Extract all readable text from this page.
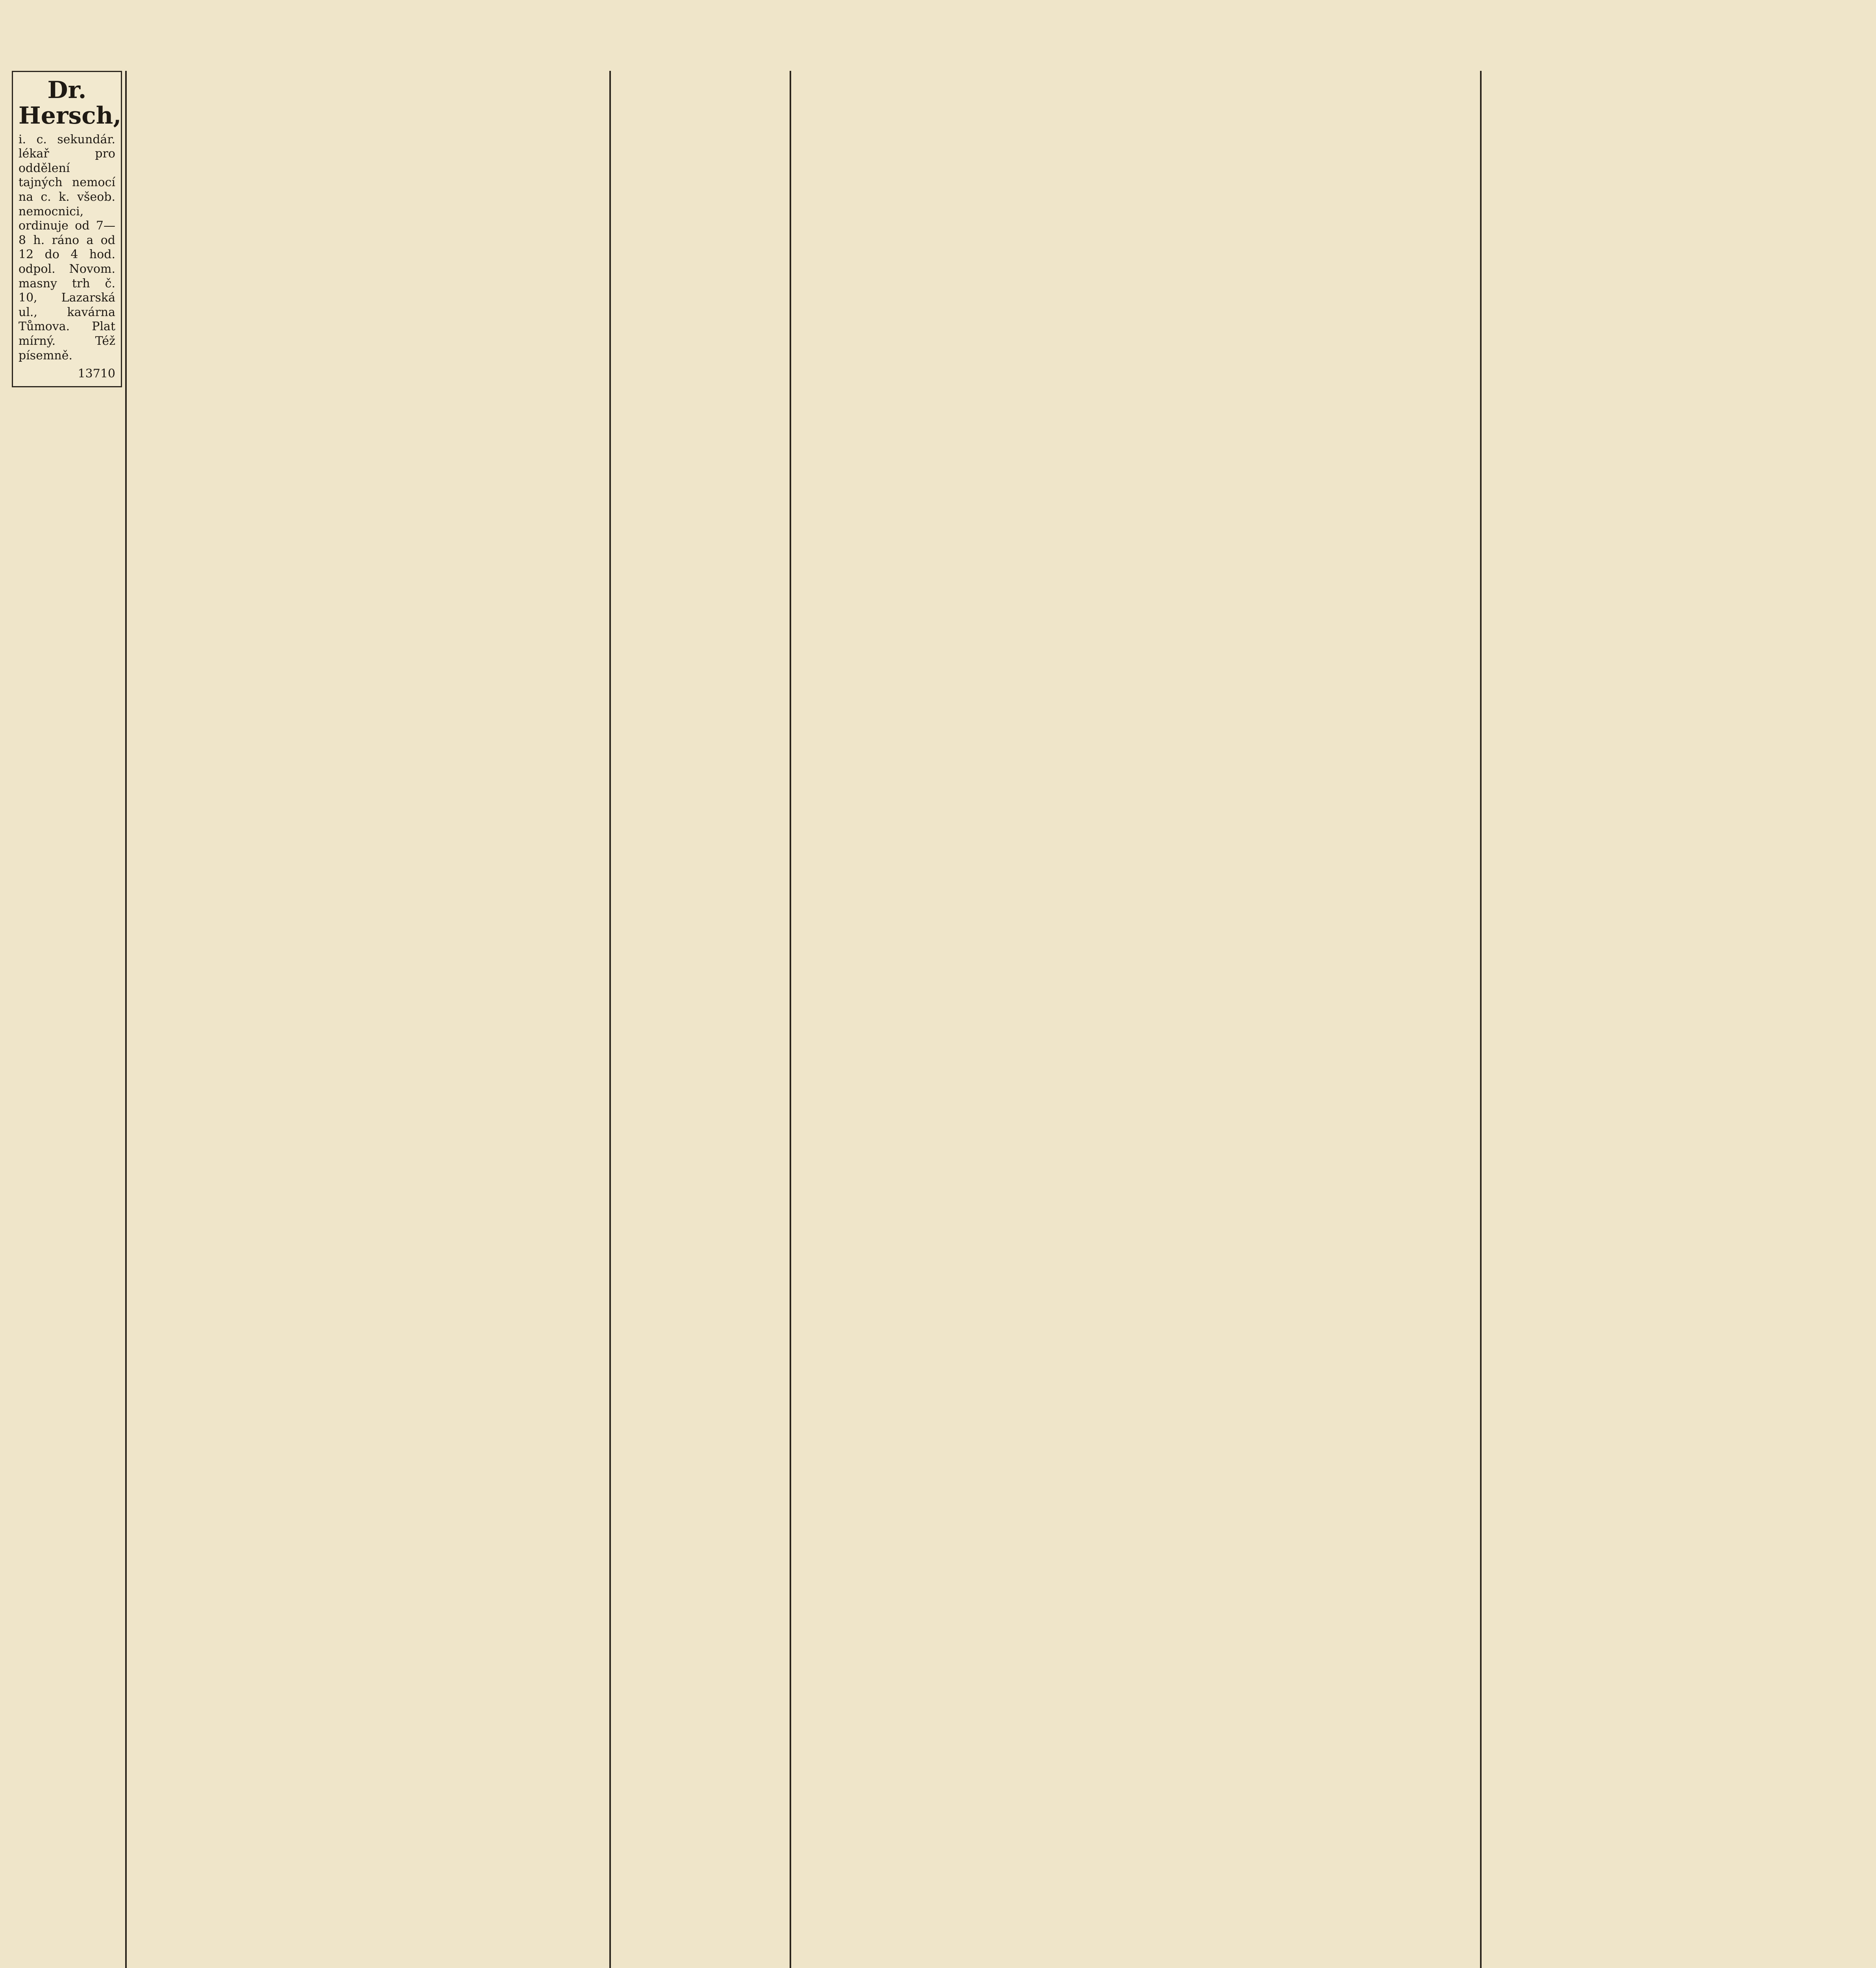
Dr. Hersch,
i. c. sekundár. lékař pro oddělení tajných nemocí na c. k. všeob. nemocnici, ordinuje od 7—8 h. ráno a od 12 do 4 hod. odpol. Novom. masny trh č. 10, Lazarská ul., kavárna Tůmova. Plat mírný. Též písemně.
13710
